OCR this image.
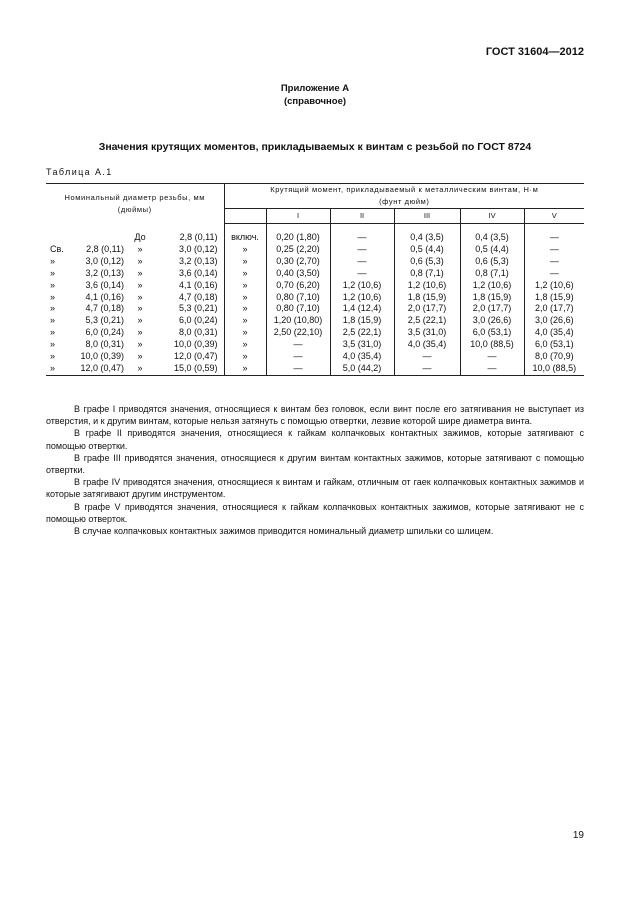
ГОСТ 31604—2012
Приложение А
(справочное)
Значения крутящих моментов, прикладываемых к винтам с резьбой по ГОСТ 8724
Таблица А.1
Номинальный диаметр резьбы, мм
(дюймы)				Крутящий момент, прикладываемый к металлическим винтам, Н·м
(фунт дюйм)					
					I	II	III	IV	V

		До	2,8 (0,11)	включ.	0,20 (1,80)	—	0,4 (3,5)	0,4 (3,5)	—
Св.	2,8 (0,11)	»	3,0 (0,12)	»	0,25 (2,20)	—	0,5 (4,4)	0,5 (4,4)	—
»	3,0 (0,12)	»	3,2 (0,13)	»	0,30 (2,70)	—	0,6 (5,3)	0,6 (5,3)	—
»	3,2 (0,13)	»	3,6 (0,14)	»	0,40 (3,50)	—	0,8 (7,1)	0,8 (7,1)	—
»	3,6 (0,14)	»	4,1 (0,16)	»	0,70 (6,20)	1,2 (10,6)	1,2 (10,6)	1,2 (10,6)	1,2 (10,6)
»	4,1 (0,16)	»	4,7 (0,18)	»	0,80 (7,10)	1,2 (10,6)	1,8 (15,9)	1,8 (15,9)	1,8 (15,9)
»	4,7 (0,18)	»	5,3 (0,21)	»	0,80 (7,10)	1,4 (12,4)	2,0 (17,7)	2,0 (17,7)	2,0 (17,7)
»	5,3 (0,21)	»	6,0 (0,24)	»	1,20 (10,80)	1,8 (15,9)	2,5 (22,1)	3,0 (26,6)	3,0 (26,6)
»	6,0 (0,24)	»	8,0 (0,31)	»	2,50 (22,10)	2,5 (22,1)	3,5 (31,0)	6,0 (53,1)	4,0 (35,4)
»	8,0 (0,31)	»	10,0 (0,39)	»	—	3,5 (31,0)	4,0 (35,4)	10,0 (88,5)	6,0 (53,1)
»	10,0 (0,39)	»	12,0 (0,47)	»	—	4,0 (35,4)	—	—	8,0 (70,9)
»	12,0 (0,47)	»	15,0 (0,59)	»	—	5,0 (44,2)	—	—	10,0 (88,5)

В графе I приводятся значения, относящиеся к винтам без головок, если винт после его затягивания не выступает из отверстия, и к другим винтам, которые нельзя затянуть с помощью отвертки, лезвие которой шире диаметра винта.

В графе II приводятся значения, относящиеся к гайкам колпачковых контактных зажимов, которые затягивают с помощью отвертки.

В графе III приводятся значения, относящиеся к другим винтам контактных зажимов, которые затягивают с помощью отвертки.

В графе IV приводятся значения, относящиеся к винтам и гайкам, отличным от гаек колпачковых контактных зажимов и которые затягивают другим инструментом.

В графе V приводятся значения, относящиеся к гайкам колпачковых контактных зажимов, которые затягивают не с помощью отверток.

В случае колпачковых контактных зажимов приводится номинальный диаметр шпильки со шлицем.

19
